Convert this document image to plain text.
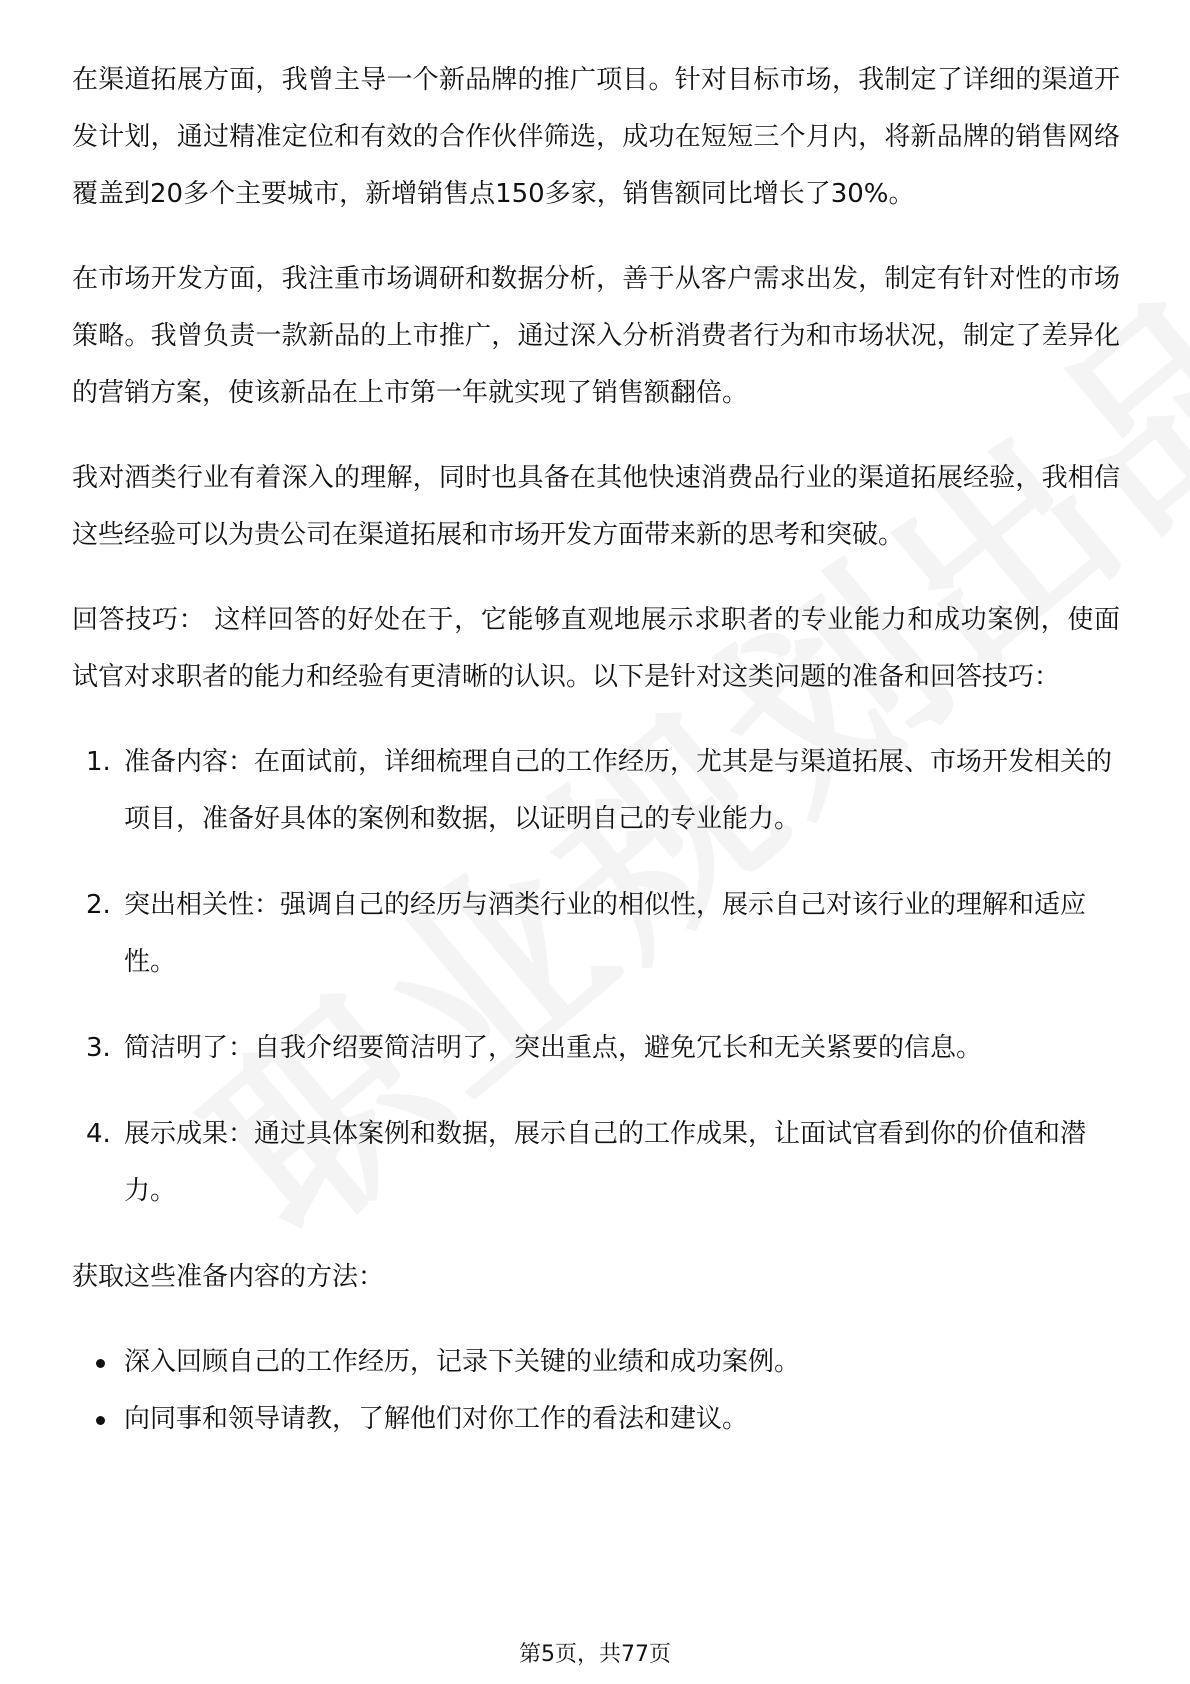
在渠道拓展方面，我曾主导一个新品牌的推广项目。针对目标市场，我制定了详细的渠道开发计划，通过精准定位和有效的合作伙伴筛选，成功在短短三个月内，将新品牌的销售网络覆盖到20多个主要城市，新增销售点150多家，销售额同比增长了30%。

在市场开发方面，我注重市场调研和数据分析，善于从客户需求出发，制定有针对性的市场策略。我曾负责一款新品的上市推广，通过深入分析消费者行为和市场状况，制定了差异化的营销方案，使该新品在上市第一年就实现了销售额翻倍。

我对酒类行业有着深入的理解，同时也具备在其他快速消费品行业的渠道拓展经验，我相信这些经验可以为贵公司在渠道拓展和市场开发方面带来新的思考和突破。

回答技巧： 这样回答的好处在于，它能够直观地展示求职者的专业能力和成功案例，使面试官对求职者的能力和经验有更清晰的认识。以下是针对这类问题的准备和回答技巧：

1. 准备内容：在面试前，详细梳理自己的工作经历，尤其是与渠道拓展、市场开发相关的项目，准备好具体的案例和数据，以证明自己的专业能力。
2. 突出相关性：强调自己的经历与酒类行业的相似性，展示自己对该行业的理解和适应性。
3. 简洁明了：自我介绍要简洁明了，突出重点，避免冗长和无关紧要的信息。
4. 展示成果：通过具体案例和数据，展示自己的工作成果，让面试官看到你的价值和潜力。

获取这些准备内容的方法：

深入回顾自己的工作经历，记录下关键的业绩和成功案例。
向同事和领导请教，了解他们对你工作的看法和建议。
第5页，共77页
